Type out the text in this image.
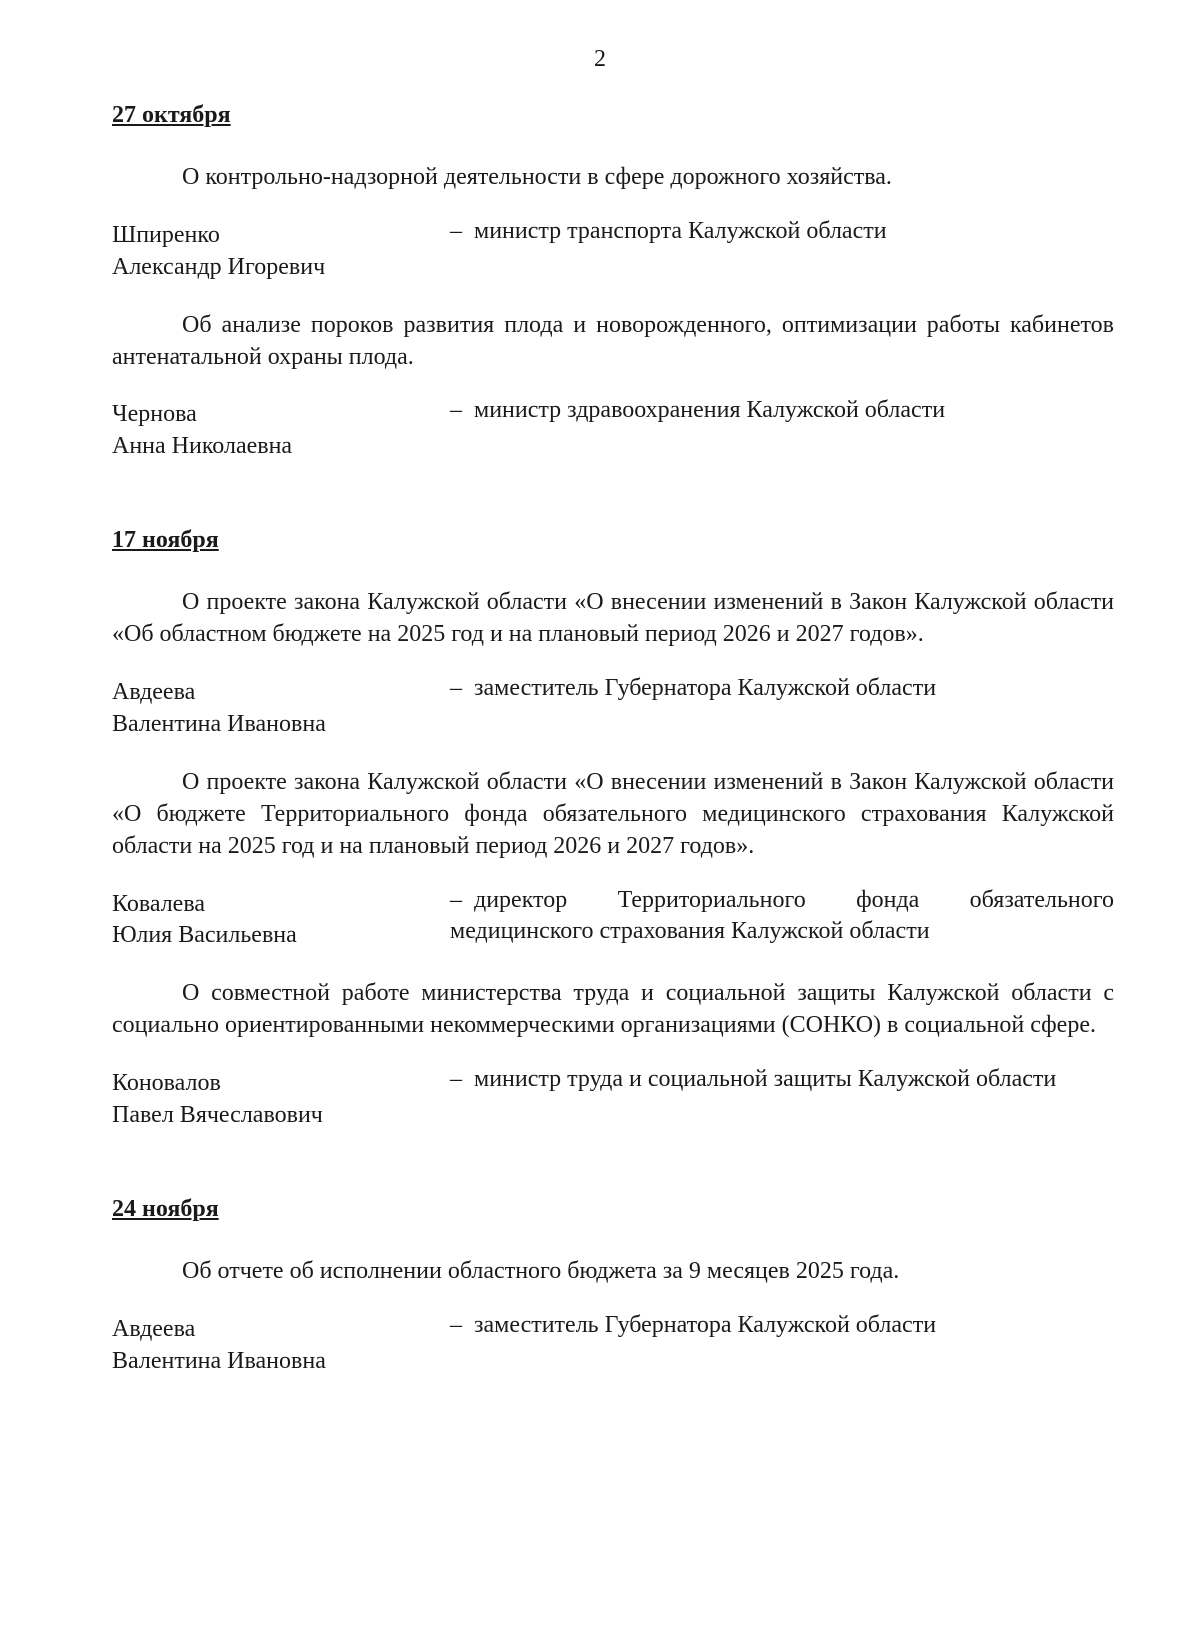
2
27 октября

О контрольно-надзорной деятельности в сфере дорожного хозяйства.

Шпиренко
Александр Игоревич
– министр транспорта Калужской области

Об анализе пороков развития плода и новорожденного, оптимизации работы кабинетов антенатальной охраны плода.

Чернова
Анна Николаевна
– министр здравоохранения Калужской области
17 ноября

О проекте закона Калужской области «О внесении изменений в Закон Калужской области «Об областном бюджете на 2025 год и на плановый период 2026 и 2027 годов».

Авдеева
Валентина Ивановна
– заместитель Губернатора Калужской области

О проекте закона Калужской области «О внесении изменений в Закон Калужской области «О бюджете Территориального фонда обязательного медицинского страхования Калужской области на 2025 год и на плановый период 2026 и 2027 годов».

Ковалева
Юлия Васильевна
– директор Территориального фонда обязательного медицинского страхования Калужской области

О совместной работе министерства труда и социальной защиты Калужской области с социально ориентированными некоммерческими организациями (СОНКО) в социальной сфере.

Коновалов
Павел Вячеславович
– министр труда и социальной защиты Калужской области
24 ноября

Об отчете об исполнении областного бюджета за 9 месяцев 2025 года.

Авдеева
Валентина Ивановна
– заместитель Губернатора Калужской области
